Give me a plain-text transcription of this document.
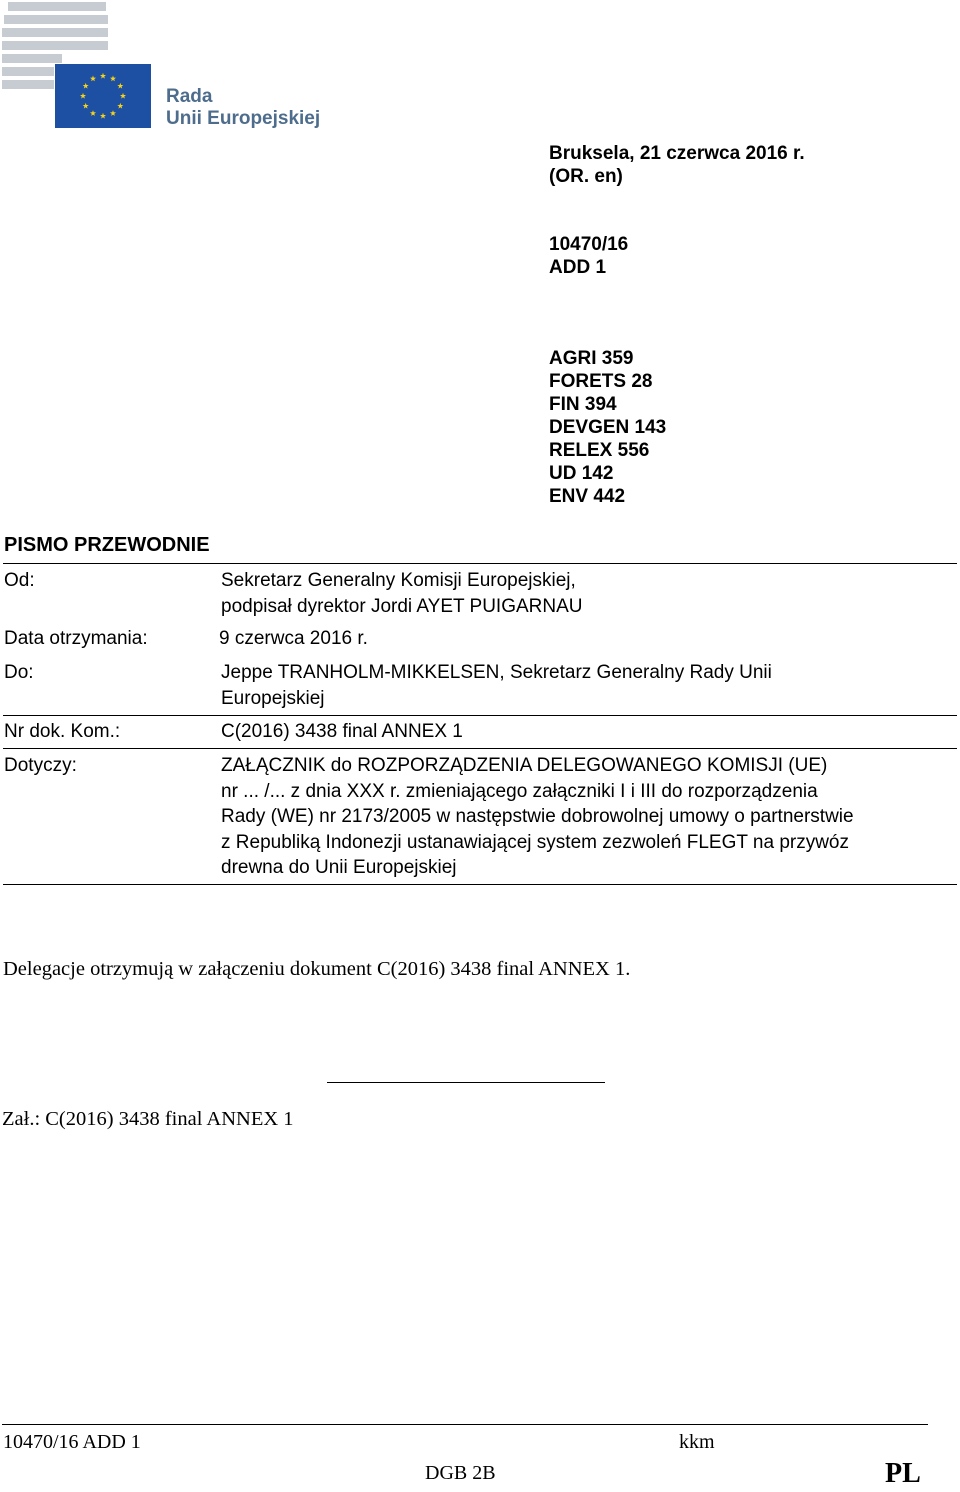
Rada
Unii Europejskiej
Bruksela, 21 czerwca 2016 r.
(OR. en)
10470/16
ADD 1
AGRI 359
FORETS 28
FIN 394
DEVGEN 143
RELEX 556
UD 142
ENV 442
PISMO PRZEWODNIE
Od:	Sekretarz Generalny Komisji Europejskiej,
podpisał dyrektor Jordi AYET PUIGARNAU
Data otrzymania:	9 czerwca 2016 r.
Do:	Jeppe TRANHOLM-MIKKELSEN, Sekretarz Generalny Rady Unii
Europejskiej
Nr dok. Kom.:	C(2016) 3438 final ANNEX 1
Dotyczy:	ZAŁĄCZNIK do ROZPORZĄDZENIA DELEGOWANEGO KOMISJI (UE)
nr ... /... z dnia XXX r. zmieniającego załączniki I i III do rozporządzenia
Rady (WE) nr 2173/2005 w następstwie dobrowolnej umowy o partnerstwie
z Republiką Indonezji ustanawiającej system zezwoleń FLEGT na przywóz
drewna do Unii Europejskiej
Delegacje otrzymują w załączeniu dokument C(2016) 3438 final ANNEX 1.
Zał.: C(2016) 3438 final ANNEX 1
10470/16 ADD 1	kkm
DGB 2B	PL
